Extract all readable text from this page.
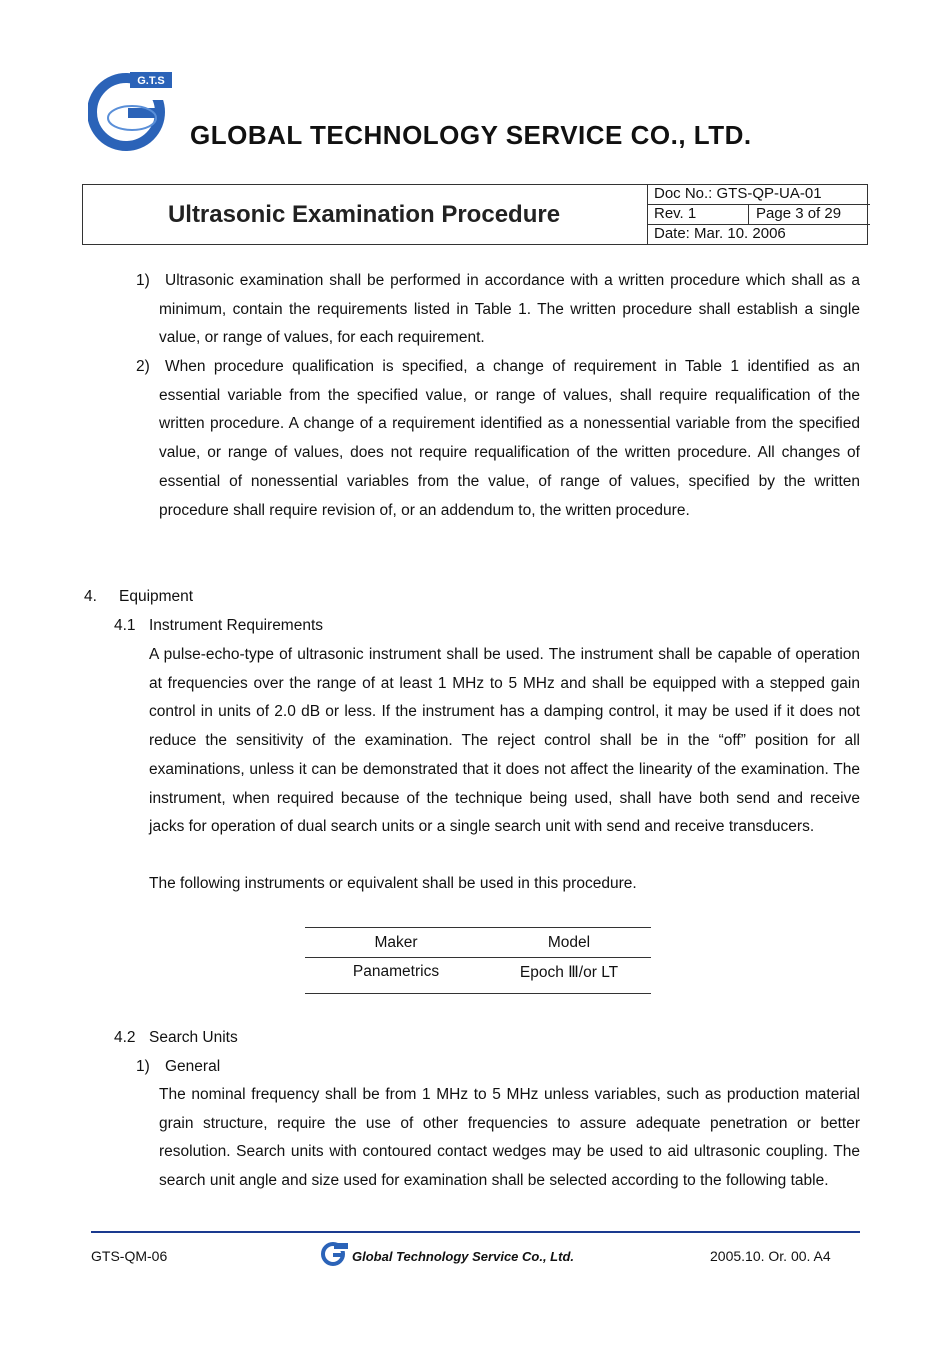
G.T.S
GLOBAL TECHNOLOGY SERVICE CO., LTD.
Ultrasonic Examination Procedure
Doc No.: GTS-QP-UA-01
Rev. 1	Page 3 of 29
Date: Mar. 10. 2006
1) Ultrasonic examination shall be performed in accordance with a written procedure which shall as a minimum, contain the requirements listed in Table 1. The written procedure shall establish a single value, or range of values, for each requirement.
2) When procedure qualification is specified, a change of requirement in Table 1 identified as an essential variable from the specified value, or range of values, shall require requalification of the written procedure. A change of a requirement identified as a nonessential variable from the specified value, or range of values, does not require requalification of the written procedure. All changes of essential of nonessential variables from the value, of range of values, specified by the written procedure shall require revision of, or an addendum to, the written procedure.
4. Equipment
4.1 Instrument Requirements
A pulse-echo-type of ultrasonic instrument shall be used. The instrument shall be capable of operation at frequencies over the range of at least 1 MHz to 5 MHz and shall be equipped with a stepped gain control in units of 2.0 dB or less. If the instrument has a damping control, it may be used if it does not reduce the sensitivity of the examination. The reject control shall be in the “off” position for all examinations, unless it can be demonstrated that it does not affect the linearity of the examination. The instrument, when required because of the technique being used, shall have both send and receive jacks for operation of dual search units or a single search unit with send and receive transducers.
The following instruments or equivalent shall be used in this procedure.
Maker	Model
Panametrics	Epoch Ⅲ/or LT
4.2 Search Units
1) General
The nominal frequency shall be from 1 MHz to 5 MHz unless variables, such as production material grain structure, require the use of other frequencies to assure adequate penetration or better resolution. Search units with contoured contact wedges may be used to aid ultrasonic coupling. The search unit angle and size used for examination shall be selected according to the following table.
GTS-QM-06	Global Technology Service Co., Ltd.	2005.10. Or. 00. A4
